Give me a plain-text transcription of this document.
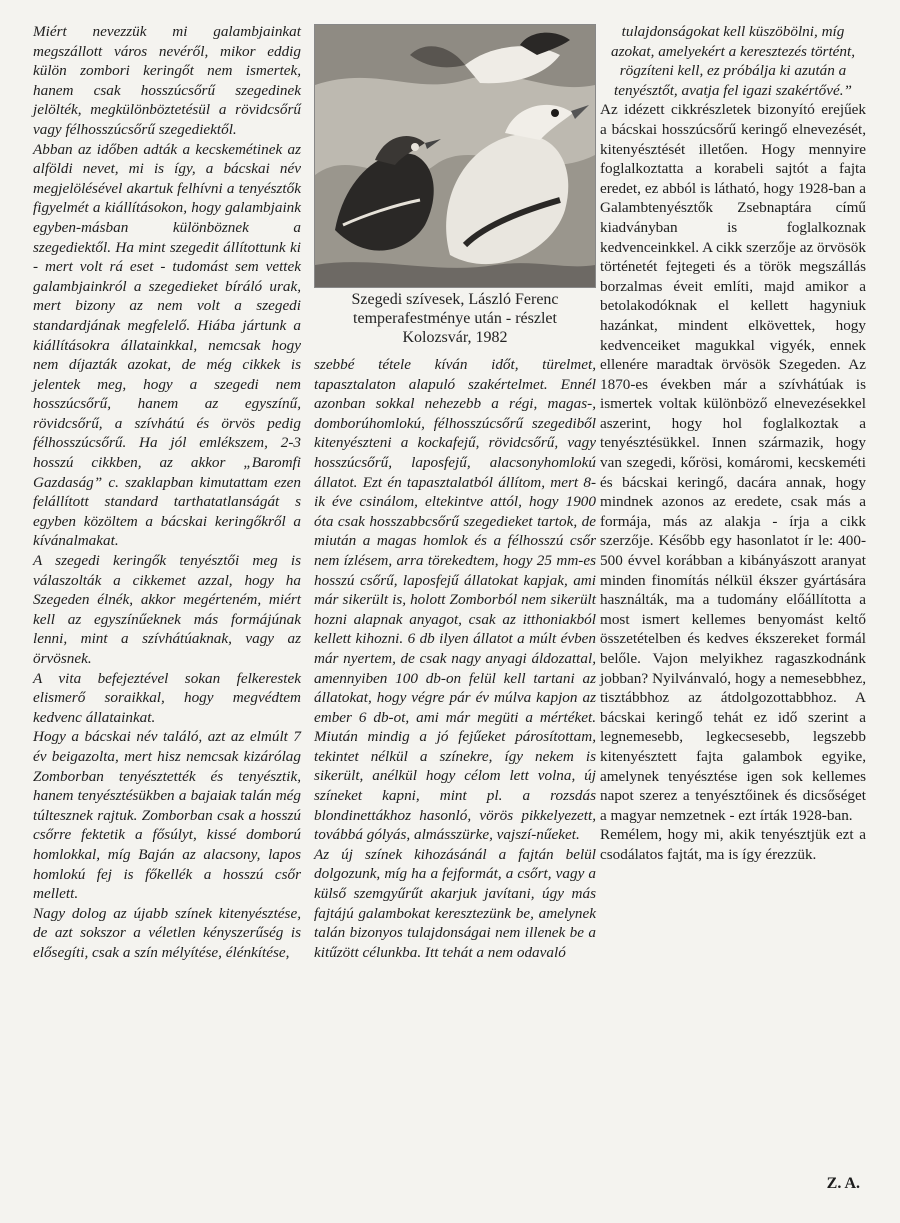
Miért nevezzük mi galambjainkat megszállott város nevéről, mikor eddig külön zombori keringőt nem ismertek, hanem csak hosszúcsőrű szegedinek jelölték, megkülönböztetésül a rövidcsőrű vagy félhosszúcsőrű szegediektől.

Abban az időben adták a kecskemétinek az alföldi nevet, mi is így, a bácskai név megjelölésével akartuk felhívni a tenyésztők figyelmét a kiállításokon, hogy galambjaink egyben-másban különböznek a szegediektől. Ha mint szegedit állítottunk ki - mert volt rá eset - tudomást sem vettek galambjainkról a szegedieket bíráló urak, mert bizony az nem volt a szegedi standardjának megfelelő. Hiába jártunk a kiállításokra állatainkkal, nemcsak hogy nem díjazták azokat, de még cikkek is jelentek meg, hogy a szegedi nem hosszúcsőrű, hanem az egyszínű, rövidcsőrű, a szívhátú és örvös pedig félhosszúcsőrű. Ha jól emlékszem, 2-3 hosszú cikkben, az akkor „Baromfi Gazdaság” c. szaklapban kimutattam ezen felállított standard tarthatatlanságát s egyben közöltem a bácskai keringőkről a kívánalmakat.

A szegedi keringők tenyésztői meg is válaszolták a cikkemet azzal, hogy ha Szegeden élnék, akkor megérteném, miért kell az egyszínűeknek más formájúnak lenni, mint a szívhátúaknak, vagy az örvösnek.

A vita befejeztével sokan felkerestek elismerő soraikkal, hogy megvédtem kedvenc állatainkat.

Hogy a bácskai név találó, azt az elmúlt 7 év beigazolta, mert hisz nemcsak kizárólag Zomborban tenyésztették és tenyésztik, hanem tenyésztésükben a bajaiak talán még túltesznek rajtuk. Zomborban csak a hosszú csőrre fektetik a fősúlyt, kissé domború homlokkal, míg Baján az alacsony, lapos homlokú fej is főkellék a hosszú csőr mellett.

Nagy dolog az újabb színek kitenyésztése, de azt sokszor a véletlen kényszerűség is elősegíti, csak a szín mélyítése, élénkítése,

Szegedi szívesek, László Ferenc
temperafestménye után - részlet
Kolozsvár, 1982

szebbé tétele kíván időt, türelmet, tapasztalaton alapuló szakértelmet. Ennél azonban sokkal nehezebb a régi, magas-, domborúhomlokú, félhosszúcsőrű szegediből kitenyészteni a kockafejű, rövidcsőrű, vagy hosszúcsőrű, laposfejű, alacsonyhomlokú állatot. Ezt én tapasztalatból állítom, mert 8-ik éve csinálom, eltekintve attól, hogy 1900 óta csak hosszabbcsőrű szegedieket tartok, de miután a magas homlok és a félhosszú csőr nem ízlésem, arra törekedtem, hogy 25 mm-es hosszú csőrű, laposfejű állatokat kapjak, ami már sikerült is, holott Zomborból nem sikerült hozni alapnak anyagot, csak az itthoniakból kellett kihozni. 6 db ilyen állatot a múlt évben már nyertem, de csak nagy anyagi áldozattal, amennyiben 100 db-on felül kell tartani az állatokat, hogy végre pár év múlva kapjon az ember 6 db-ot, ami már megüti a mértéket. Miután mindig a jó fejűeket párosítottam, tekintet nélkül a színekre, így nekem is sikerült, anélkül hogy célom lett volna, új színeket kapni, mint pl. a rozsdás blondinettákhoz hasonló, vörös pikkelyezett, továbbá gólyás, almásszürke, vajszí-nűeket.

Az új színek kihozásánál a fajtán belül dolgozunk, míg ha a fejformát, a csőrt, vagy a külső szemgyűrűt akarjuk javítani, úgy más fajtájú galambokat keresztezünk be, amelynek talán bizonyos tulajdonságai nem illenek be a kitűzött célunkba. Itt tehát a nem odavaló

tulajdonságokat kell küszöbölni, míg azokat, amelyekért a keresztezés történt, rögzíteni kell, ez próbálja ki azután a tenyésztőt, avatja fel igazi szakértővé.”

Az idézett cikkrészletek bizonyító erejűek a bácskai hosszúcsőrű keringő elnevezését, kitenyésztését illetően. Hogy mennyire foglalkoztatta a korabeli sajtót a fajta eredet, ez abból is látható, hogy 1928-ban a Galambtenyésztők Zsebnaptára című kiadványban is foglalkoznak kedvenceinkkel. A cikk szerzője az örvösök történetét fejtegeti és a török megszállás borzalmas éveit említi, majd amikor a betolakodóknak el kellett hagyniuk hazánkat, mindent elkövettek, hogy kedvenceiket magukkal vigyék, ennek ellenére maradtak örvösök Szegeden. Az 1870-es években már a szívhátúak is ismertek voltak különböző elnevezésekkel aszerint, hogy hol foglalkoztak a tenyésztésükkel. Innen származik, hogy van szegedi, kőrösi, komáromi, kecskeméti és bácskai keringő, dacára annak, hogy mindnek azonos az eredete, csak más a formája, más az alakja - írja a cikk szerzője. Később egy hasonlatot ír le: 400-500 évvel korábban a kibányászott aranyat minden finomítás nélkül ékszer gyártására használták, ma a tudomány előállította a most ismert kellemes benyomást keltő összetételben és kedves ékszereket formál belőle. Vajon melyikhez ragaszkodnánk jobban? Nyilvánvaló, hogy a nemesebbhez, tisztábbhoz az átdolgozottabbhoz. A bácskai keringő tehát ez idő szerint a legnemesebb, legkecsesebb, legszebb kitenyésztett fajta galambok egyike, amelynek tenyésztése igen sok kellemes napot szerez a tenyésztőinek és dicsőséget a magyar nemzetnek - ezt írták 1928-ban.

Remélem, hogy mi, akik tenyésztjük ezt a csodálatos fajtát, ma is így érezzük.

Z. A.
